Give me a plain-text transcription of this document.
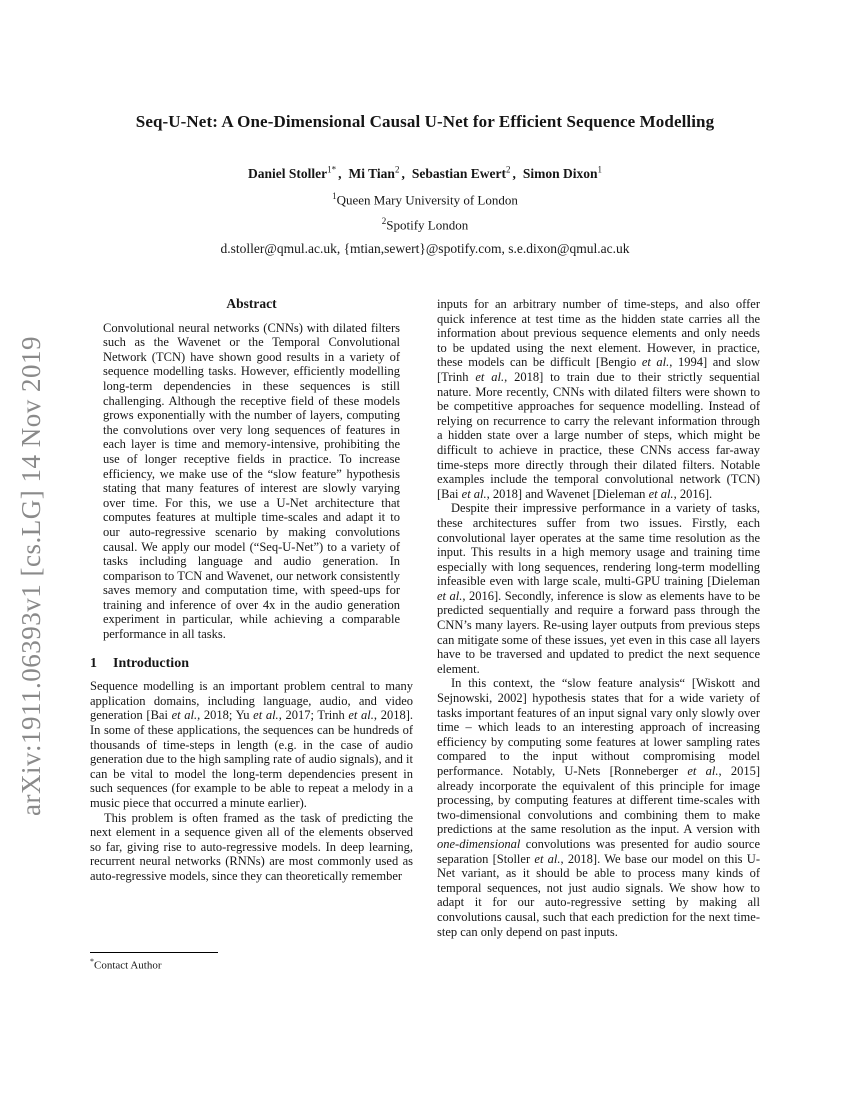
arXiv:1911.06393v1 [cs.LG] 14 Nov 2019
Seq-U-Net: A One-Dimensional Causal U-Net for Efficient Sequence Modelling
Daniel Stoller$^{1*}$ , Mi Tian$^2$ , Sebastian Ewert$^2$ , Simon Dixon$^1$
$^1$Queen Mary University of London
$^2$Spotify London
d.stoller@qmul.ac.uk, {mtian,sewert}@spotify.com, s.e.dixon@qmul.ac.uk
Abstract
Convolutional neural networks (CNNs) with dilated filters such as the Wavenet or the Temporal Convolutional Network (TCN) have shown good results in a variety of sequence modelling tasks. However, efficiently modelling long-term dependencies in these sequences is still challenging. Although the receptive field of these models grows exponentially with the number of layers, computing the convolutions over very long sequences of features in each layer is time and memory-intensive, prohibiting the use of longer receptive fields in practice. To increase efficiency, we make use of the “slow feature” hypothesis stating that many features of interest are slowly varying over time. For this, we use a U-Net architecture that computes features at multiple time-scales and adapt it to our auto-regressive scenario by making convolutions causal. We apply our model (“Seq-U-Net”) to a variety of tasks including language and audio generation. In comparison to TCN and Wavenet, our network consistently saves memory and computation time, with speed-ups for training and inference of over 4x in the audio generation experiment in particular, while achieving a comparable performance in all tasks.
1 Introduction

Sequence modelling is an important problem central to many application domains, including language, audio, and video generation [Bai et al., 2018; Yu et al., 2017; Trinh et al., 2018]. In some of these applications, the sequences can be hundreds of thousands of time-steps in length (e.g. in the case of audio generation due to the high sampling rate of audio signals), and it can be vital to model the long-term dependencies present in such sequences (for example to be able to repeat a melody in a music piece that occurred a minute earlier).

This problem is often framed as the task of predicting the next element in a sequence given all of the elements observed so far, giving rise to auto-regressive models. In deep learning, recurrent neural networks (RNNs) are most commonly used as auto-regressive models, since they can theoretically remember

*Contact Author

inputs for an arbitrary number of time-steps, and also offer quick inference at test time as the hidden state carries all the information about previous sequence elements and only needs to be updated using the next element. However, in practice, these models can be difficult [Bengio et al., 1994] and slow [Trinh et al., 2018] to train due to their strictly sequential nature. More recently, CNNs with dilated filters were shown to be competitive approaches for sequence modelling. Instead of relying on recurrence to carry the relevant information through a hidden state over a large number of steps, which might be difficult to achieve in practice, these CNNs access far-away time-steps more directly through their dilated filters. Notable examples include the temporal convolutional network (TCN) [Bai et al., 2018] and Wavenet [Dieleman et al., 2016].

Despite their impressive performance in a variety of tasks, these architectures suffer from two issues. Firstly, each convolutional layer operates at the same time resolution as the input. This results in a high memory usage and training time especially with long sequences, rendering long-term modelling infeasible even with large scale, multi-GPU training [Dieleman et al., 2016]. Secondly, inference is slow as elements have to be predicted sequentially and require a forward pass through the CNN’s many layers. Re-using layer outputs from previous steps can mitigate some of these issues, yet even in this case all layers have to be traversed and updated to predict the next sequence element.

In this context, the “slow feature analysis“ [Wiskott and Sejnowski, 2002] hypothesis states that for a wide variety of tasks important features of an input signal vary only slowly over time – which leads to an interesting approach of increasing efficiency by computing some features at lower sampling rates compared to the input without compromising model performance. Notably, U-Nets [Ronneberger et al., 2015] already incorporate the equivalent of this principle for image processing, by computing features at different time-scales with two-dimensional convolutions and combining them to make predictions at the same resolution as the input. A version with one-dimensional convolutions was presented for audio source separation [Stoller et al., 2018]. We base our model on this U-Net variant, as it should be able to process many kinds of temporal sequences, not just audio signals. We show how to adapt it for our auto-regressive setting by making all convolutions causal, such that each prediction for the next time-step can only depend on past inputs.
